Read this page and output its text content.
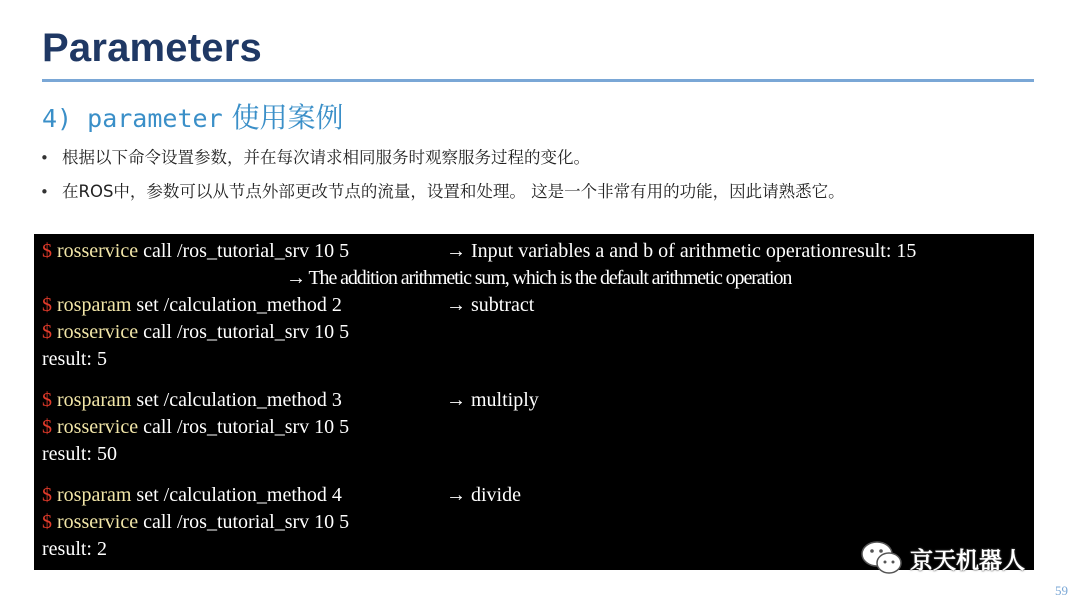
Parameters
4) parameter 使用案例
• 根据以下命令设置参数，并在每次请求相同服务时观察服务过程的变化。
• 在ROS中，参数可以从节点外部更改节点的流量，设置和处理。 这是一个非常有用的功能，因此请熟悉它。
$ rosservice call /ros_tutorial_srv 10 5	→ Input variables a and b of arithmetic operationresult: 15
→ The addition arithmetic sum, which is the default arithmetic operation
$ rosparam set /calculation_method 2	→ subtract
$ rosservice call /ros_tutorial_srv 10 5
result: 5
$ rosparam set /calculation_method 3	→ multiply
$ rosservice call /ros_tutorial_srv 10 5
result: 50
$ rosparam set /calculation_method 4	→ divide
$ rosservice call /ros_tutorial_srv 10 5
result: 2	京天机器人
59
